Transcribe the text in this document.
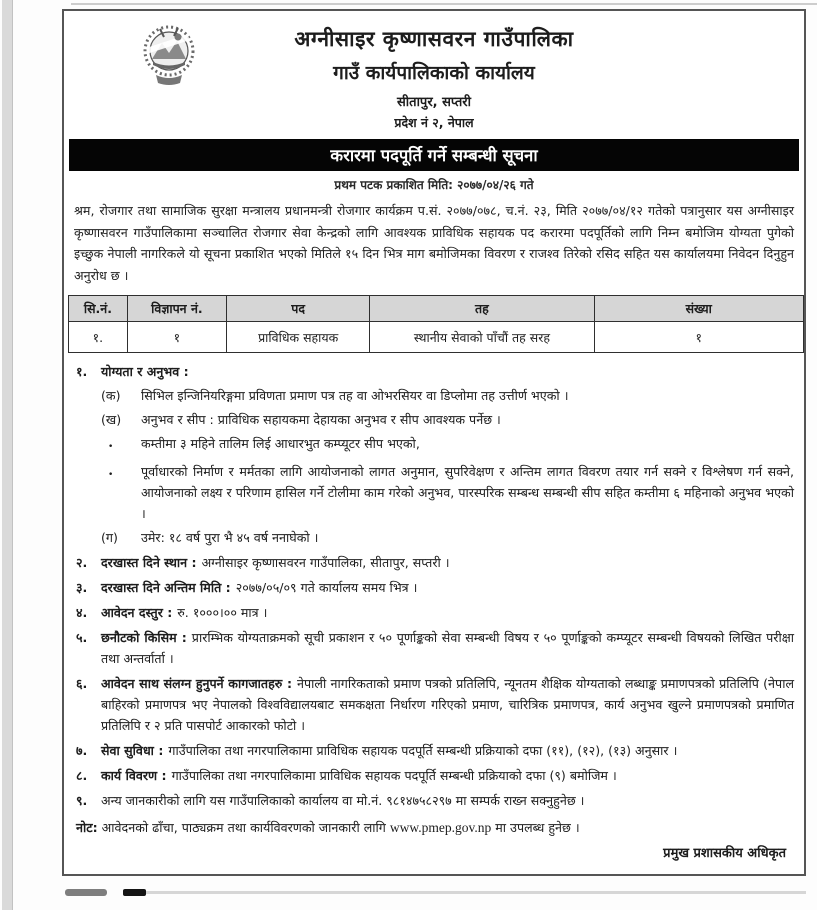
अग्नीसाइर कृष्णासवरन गाउँपालिका
गाउँ कार्यपालिकाको कार्यालय
सीतापुर, सप्तरी
प्रदेश नं २, नेपाल
करारमा पदपूर्ति गर्ने सम्बन्धी सूचना
प्रथम पटक प्रकाशित मिति: २०७७/०४/२६ गते

श्रम, रोजगार तथा सामाजिक सुरक्षा मन्त्रालय प्रधानमन्त्री रोजगार कार्यक्रम प.सं. २०७७/०७८, च.नं. २३, मिति २०७७/०४/१२ गतेको पत्रानुसार यस अग्नीसाइर कृष्णासवरन गाउँपालिकामा सञ्चालित रोजगार सेवा केन्द्रको लागि आवश्यक प्राविधिक सहायक पद करारमा पदपूर्तिको लागि निम्न बमोजिम योग्यता पुगेको इच्छुक नेपाली नागरिकले यो सूचना प्रकाशित भएको मितिले १५ दिन भित्र माग बमोजिमका विवरण र राजश्व तिरेको रसिद सहित यस कार्यालयमा निवेदन दिनुहुन अनुरोध छ ।

सि.नं.	विज्ञापन नं.	पद	तह	संख्या
१.	१	प्राविधिक सहायक	स्थानीय सेवाको पाँचौं तह सरह	१
१.	योग्यता र अनुभव :
(क)	सिभिल इन्जिनियरिङ्गमा प्रविणता प्रमाण पत्र तह वा ओभरसियर वा डिप्लोमा तह उत्तीर्ण भएको ।
(ख)	अनुभव र सीप : प्राविधिक सहायकमा देहायका अनुभव र सीप आवश्यक पर्नेछ ।
•	कम्तीमा ३ महिने तालिम लिई आधारभुत कम्प्यूटर सीप भएको,
•	पूर्वाधारको निर्माण र मर्मतका लागि आयोजनाको लागत अनुमान, सुपरिवेक्षण र अन्तिम लागत विवरण तयार गर्न सक्ने र विश्लेषण गर्न सक्ने, आयोजनाको लक्ष्य र परिणाम हासिल गर्ने टोलीमा काम गरेको अनुभव, पारस्परिक सम्बन्ध सम्बन्धी सीप सहित कम्तीमा ६ महिनाको अनुभव भएको ।
(ग)	उमेर: १८ वर्ष पुरा भै ४५ वर्ष ननाघेको ।
२.	दरखास्त दिने स्थान : अग्नीसाइर कृष्णासवरन गाउँपालिका, सीतापुर, सप्तरी ।
३.	दरखास्त दिने अन्तिम मिति : २०७७/०५/०९ गते कार्यालय समय भित्र ।
४.	आवेदन दस्तुर : रु. १०००।०० मात्र ।
५.	छनौटको किसिम : प्रारम्भिक योग्यताक्रमको सूची प्रकाशन र ५० पूर्णाङ्कको सेवा सम्बन्धी विषय र ५० पूर्णाङ्कको कम्प्यूटर सम्बन्धी विषयको लिखित परीक्षा तथा अन्तर्वार्ता ।
६.	आवेदन साथ संलग्न हुनुपर्ने कागजातहरु : नेपाली नागरिकताको प्रमाण पत्रको प्रतिलिपि, न्यूनतम शैक्षिक योग्यताको लब्धाङ्क प्रमाणपत्रको प्रतिलिपि (नेपाल बाहिरको प्रमाणपत्र भए नेपालको विश्वविद्यालयबाट समकक्षता निर्धारण गरिएको प्रमाण, चारित्रिक प्रमाणपत्र, कार्य अनुभव खुल्ने प्रमाणपत्रको प्रमाणित प्रतिलिपि र २ प्रति पासपोर्ट आकारको फोटो ।
७.	सेवा सुविधा : गाउँपालिका तथा नगरपालिकामा प्राविधिक सहायक पदपूर्ति सम्बन्धी प्रक्रियाको दफा (११), (१२), (१३) अनुसार ।
८.	कार्य विवरण : गाउँपालिका तथा नगरपालिकामा प्राविधिक सहायक पदपूर्ति सम्बन्धी प्रक्रियाको दफा (९) बमोजिम ।
९.	अन्य जानकारीको लागि यस गाउँपालिकाको कार्यालय वा मो.नं. ९८१४७५८२९७ मा सम्पर्क राख्न सक्नुहुनेछ ।
नोट: आवेदनको ढाँचा, पाठ्यक्रम तथा कार्यविवरणको जानकारी लागि www.pmep.gov.np मा उपलब्ध हुनेछ ।
प्रमुख प्रशासकीय अधिकृत
